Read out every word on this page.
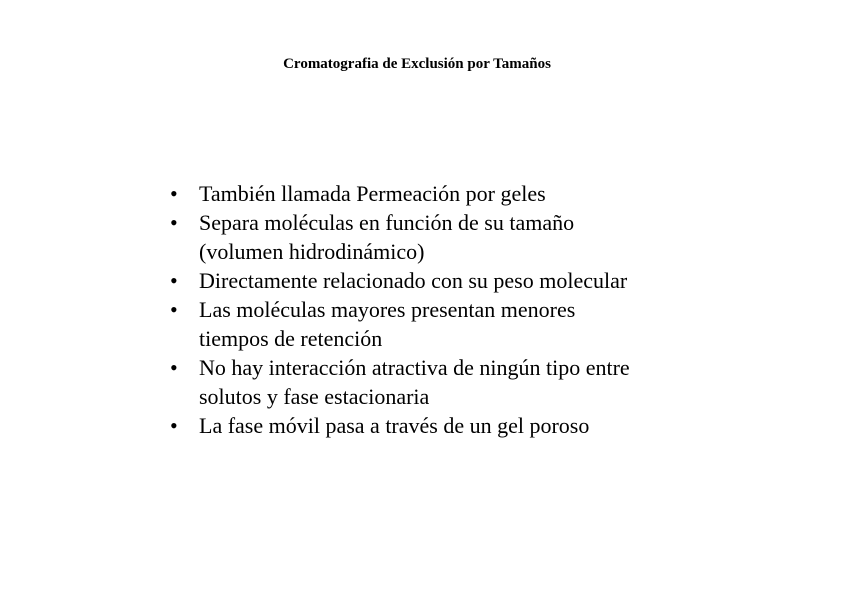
Cromatografia de Exclusión por Tamaños
• También llamada Permeación por geles
• Separa moléculas en función de su tamaño (volumen hidrodinámico)
• Directamente relacionado con su peso molecular
• Las moléculas mayores presentan menores tiempos de retención
• No hay interacción atractiva de ningún tipo entre solutos y fase estacionaria
• La fase móvil pasa a través de un gel poroso
